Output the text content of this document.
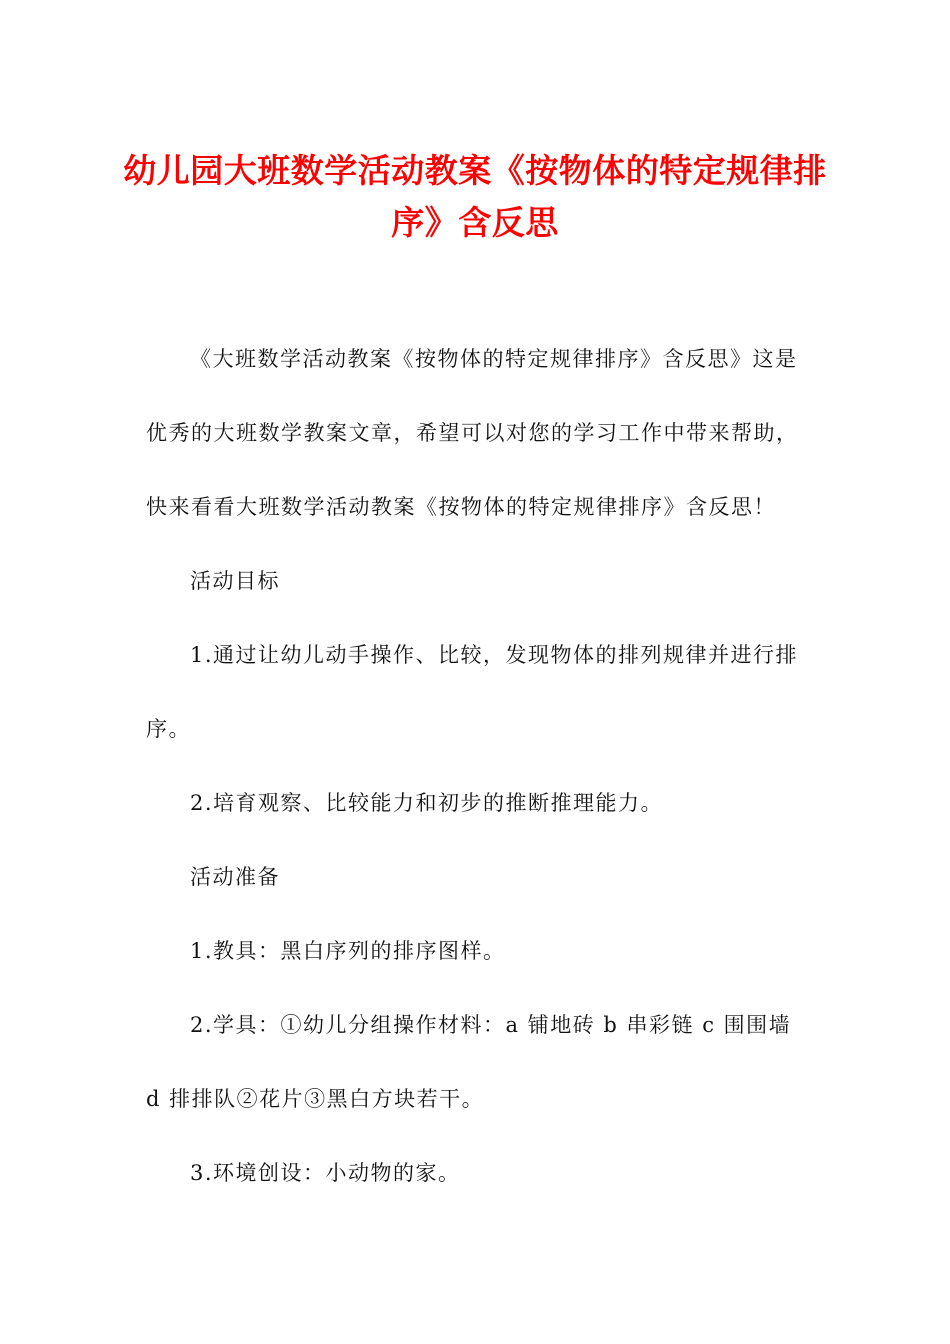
幼儿园大班数学活动教案《按物体的特定规律排序》含反思

《大班数学活动教案《按物体的特定规律排序》含反思》这是优秀的大班数学教案文章，希望可以对您的学习工作中带来帮助，快来看看大班数学活动教案《按物体的特定规律排序》含反思！

活动目标

1.通过让幼儿动手操作、比较，发现物体的排列规律并进行排序。

2.培育观察、比较能力和初步的推断推理能力。

活动准备

1.教具：黑白序列的排序图样。

2.学具：①幼儿分组操作材料：a 铺地砖 b 串彩链 c 围围墙 d 排排队②花片③黑白方块若干。

3.环境创设：小动物的家。
